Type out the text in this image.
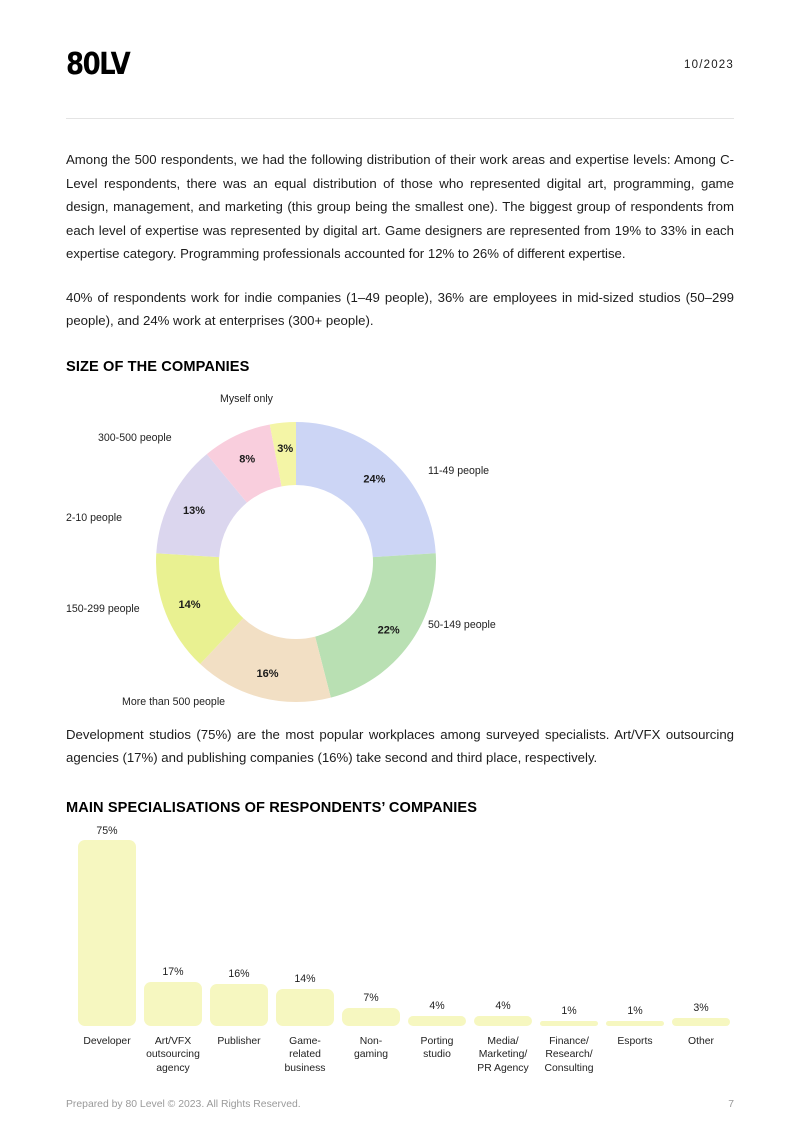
80LV	10/2023

Among the 500 respondents, we had the following distribution of their work areas and expertise levels: Among C-Level respondents, there was an equal distribution of those who represented digital art, programming, game design, management, and marketing (this group being the smallest one). The biggest group of respondents from each level of expertise was represented by digital art. Game designers are represented from 19% to 33% in each expertise category. Programming professionals accounted for 12% to 26% of different expertise.

40% of respondents work for indie companies (1–49 people), 36% are employees in mid-sized studios (50–299 people), and 24% work at enterprises (300+ people).

SIZE OF THE COMPANIES
24%
22%
16%
14%
13%
8%
3%
11-49 people
50-149 people
More than 500 people
150-299 people
2-10 people
300-500 people
Myself only

Development studios (75%) are the most popular workplaces among surveyed specialists. Art/VFX outsourcing agencies (17%) and publishing companies (16%) take second and third place, respectively.

MAIN SPECIALISATIONS OF RESPONDENTS’ COMPANIES
75%
17%	16%	14%
7%
4%	4%	1%	1%	3%
Developer	Art/VFX
outsourcing
agency
Publisher	Game-
related
business
Non-
gaming
Porting
studio
Media/
Marketing/
PR Agency
Finance/
Research/
Consulting
Esports	Other
Prepared by 80 Level © 2023. All Rights Reserved.	7
